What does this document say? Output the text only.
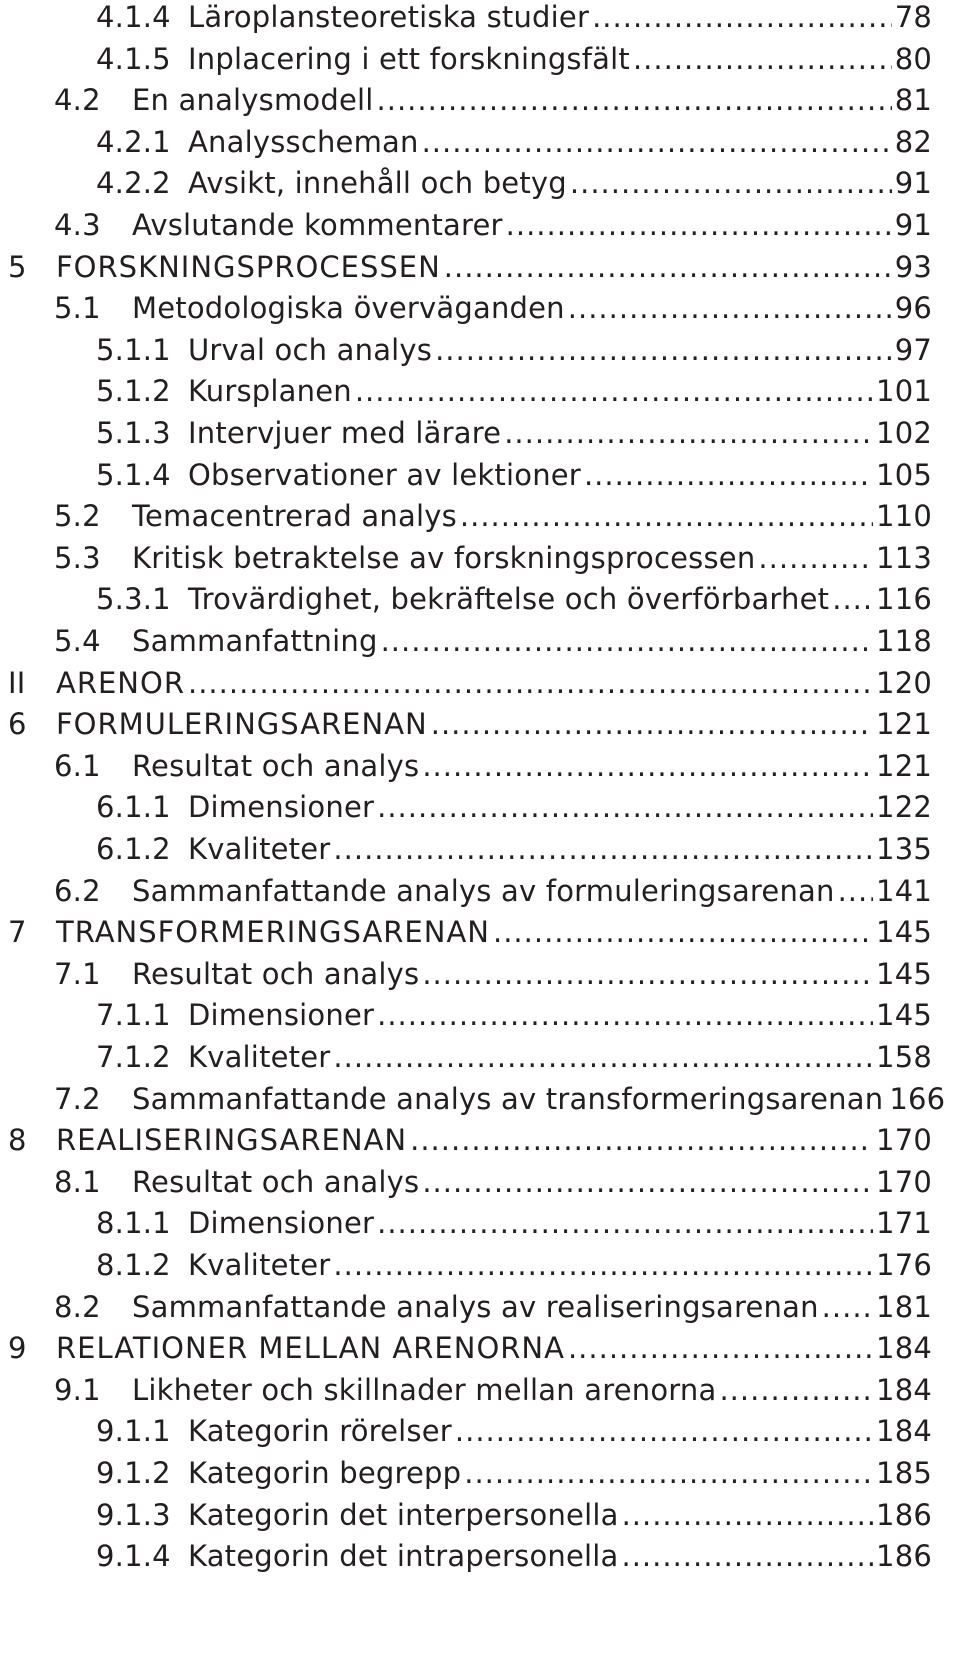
4.1.4 Läroplansteoretiska studier .....	78
4.1.5 Inplacering i ett forskningsfält .....	80
4.2	En analysmodell .....	81
4.2.1 Analysscheman .....	82
4.2.2 Avsikt, innehåll och betyg .....	91
4.3	Avslutande kommentarer .....	91
5	FORSKNINGSPROCESSEN .....	93
5.1	Metodologiska överväganden .....	96
5.1.1 Urval och analys .....	97
5.1.2 Kursplanen .....	101
5.1.3 Intervjuer med lärare .....	102
5.1.4 Observationer av lektioner .....	105
5.2	Temacentrerad analys .....	110
5.3	Kritisk betraktelse av forskningsprocessen .....	113
5.3.1 Trovärdighet, bekräftelse och överförbarhet ..... 116
5.4	Sammanfattning .....	118
II	ARENOR .....	120
6	FORMULERINGSARENAN .....	121
6.1	Resultat och analys .....	121
6.1.1 Dimensioner .....	122
6.1.2 Kvaliteter .....	135
6.2	Sammanfattande analys av formuleringsarenan ..... 141
7	TRANSFORMERINGSARENAN .....	145
7.1	Resultat och analys .....	145
7.1.1 Dimensioner .....	145
7.1.2 Kvaliteter .....	158
7.2	Sammanfattande analys av transformeringsarenan 166
8	REALISERINGSARENAN .....	170
8.1	Resultat och analys .....	170
8.1.1 Dimensioner .....	171
8.1.2 Kvaliteter .....	176
8.2	Sammanfattande analys av realiseringsarenan ..... 181
9	RELATIONER MELLAN ARENORNA .....	184
9.1	Likheter och skillnader mellan arenorna .....	184
9.1.1 Kategorin rörelser .....	184
9.1.2 Kategorin begrepp .....	185
9.1.3 Kategorin det interpersonella .....	186
9.1.4 Kategorin det intrapersonella .....	186
